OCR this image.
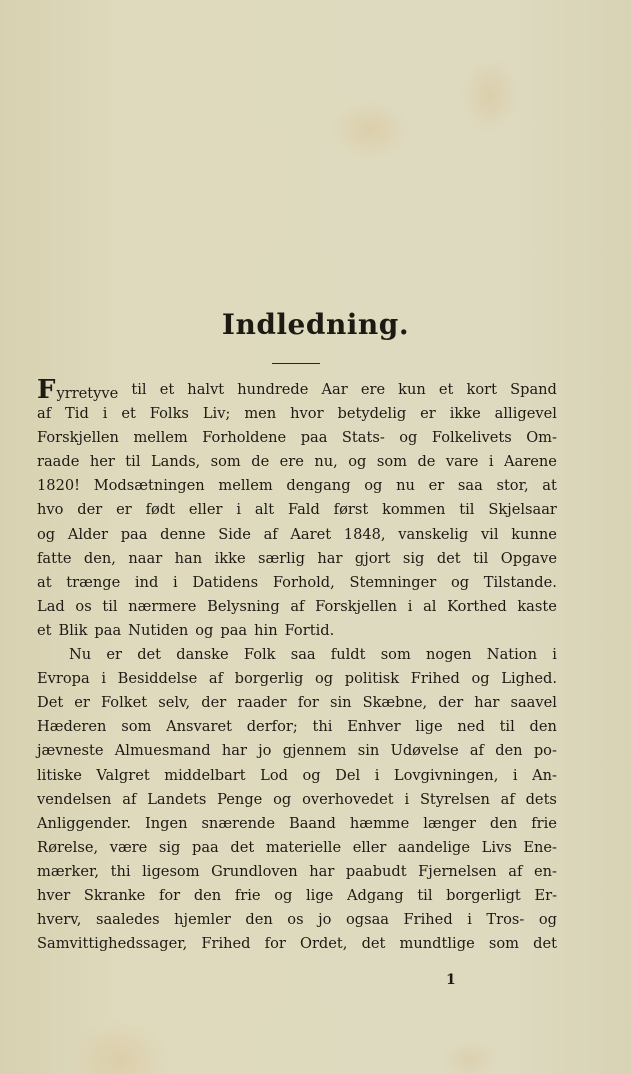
Indledning.
Fyrretyve til et halvt hundrede Aar ere kun et kort Spand
af Tid i et Folks Liv; men hvor betydelig er ikke alligevel
Forskjellen mellem Forholdene paa Stats- og Folkelivets Om-
raade her til Lands, som de ere nu, og som de vare i Aarene
1820! Modsætningen mellem dengang og nu er saa stor, at
hvo der er født eller i alt Fald først kommen til Skjelsaar
og Alder paa denne Side af Aaret 1848, vanskelig vil kunne
fatte den, naar han ikke særlig har gjort sig det til Opgave
at trænge ind i Datidens Forhold, Stemninger og Tilstande.
Lad os til nærmere Belysning af Forskjellen i al Korthed kaste
et Blik paa Nutiden og paa hin Fortid.
Nu er det danske Folk saa fuldt som nogen Nation i
Evropa i Besiddelse af borgerlig og politisk Frihed og Lighed.
Det er Folket selv, der raader for sin Skæbne, der har saavel
Hæderen som Ansvaret derfor; thi Enhver lige ned til den
jævneste Almuesmand har jo gjennem sin Udøvelse af den po-
litiske Valgret middelbart Lod og Del i Lovgivningen, i An-
vendelsen af Landets Penge og overhovedet i Styrelsen af dets
Anliggender. Ingen snærende Baand hæmme længer den frie
Rørelse, være sig paa det materielle eller aandelige Livs Ene-
mærker, thi ligesom Grundloven har paabudt Fjernelsen af en-
hver Skranke for den frie og lige Adgang til borgerligt Er-
hverv, saaledes hjemler den os jo ogsaa Frihed i Tros- og
Samvittighedssager, Frihed for Ordet, det mundtlige som det
1
